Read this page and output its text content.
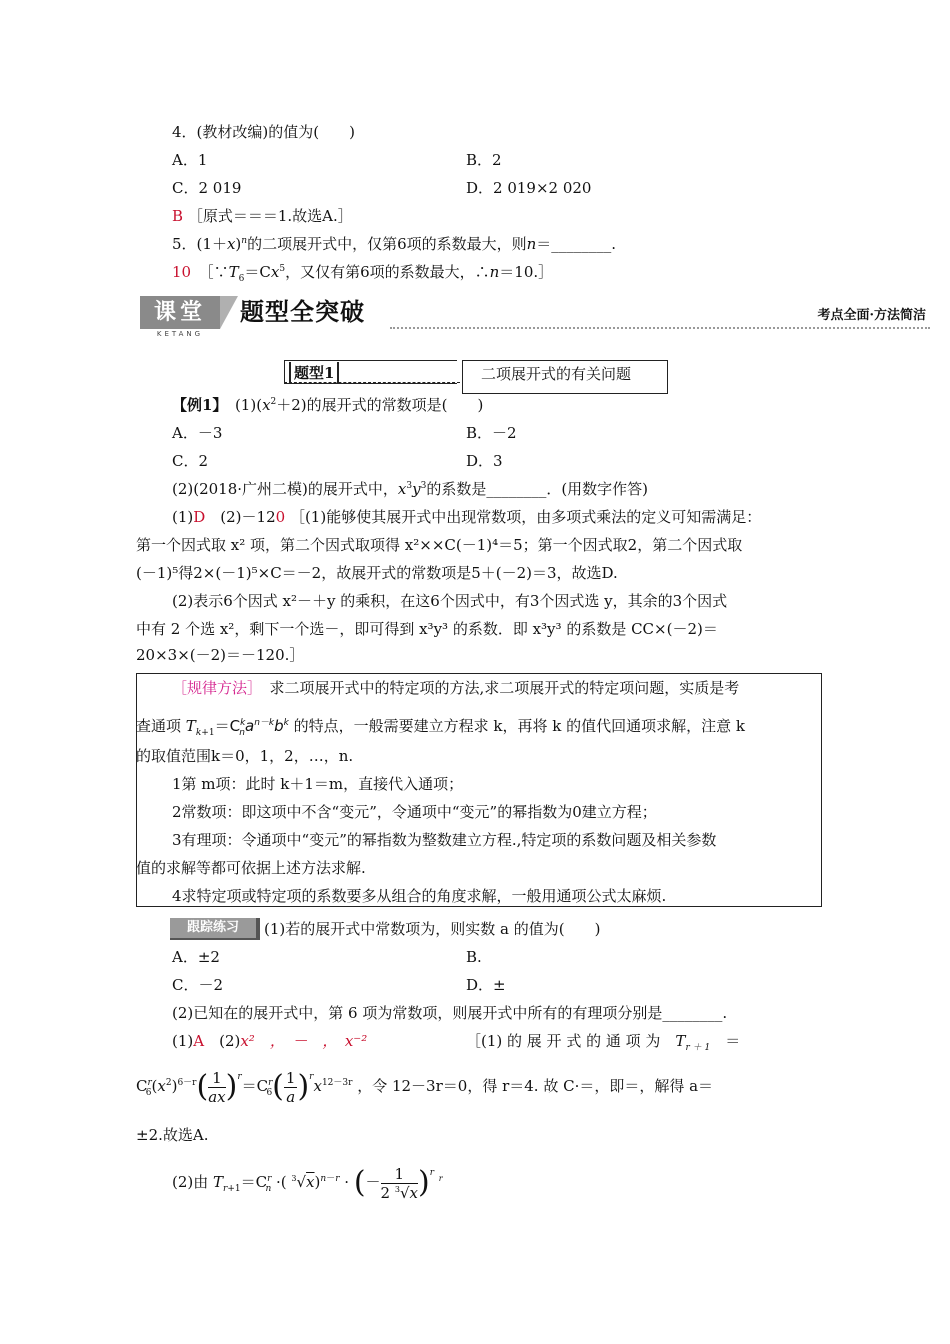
4．(教材改编)的值为(　　)
A．1	B．2
C．2 019	D．2 019×2 020
B ［原式＝＝＝1.故选A.］
5．$(1+x)^n$的二项展开式中，仅第6项的系数最大，则n＝________.
10　 $[\because T_6=Cx^5$，又仅有第6项的系数最大，∴n＝10.］
课堂
KETANG
题型全突破	考点全面·方法简洁
题型1	二项展开式的有关问题
【例1】　 $(1)(x^2+2)$的展开式的常数项是(　　)
A．－3	B．－2
C．2	D．3
(2)(2018·广州二模)的展开式中，$x^3y^3$的系数是________．(用数字作答)
(1)D　(2)－120 ［(1)能够使其展开式中出现常数项，由多项式乘法的定义可知需满足：
第一个因式取 x² 项，第二个因式取项得 x²××C(－1)⁴＝5；第一个因式取2，第二个因式取
(－1)⁵得2×(－1)⁵×C＝－2，故展开式的常数项是5＋(－2)＝3，故选D.
(2)表示6个因式 x²－＋y 的乘积，在这6个因式中，有3个因式选 y，其余的3个因式
中有 2 个选 x²，剩下一个选－，即可得到 x³y³ 的系数．即 x³y³ 的系数是 CC×(－2)＝
20×3×(－2)＝－120.］
［规律方法］　 求二项展开式中的特定项的方法,求二项展开式的特定项问题，实质是考
查通项 $T_{k+1}=C^k_na^{n-k}b^k$ 的特点，一般需要建立方程求 k，再将 k 的值代回通项求解，注意 k
的取值范围k＝0，1，2，…，n.
1第 m项：此时 k＋1＝m，直接代入通项；
2常数项：即这项中不含“变元”，令通项中“变元”的幂指数为0建立方程；
3有理项：令通项中“变元”的幂指数为整数建立方程.,特定项的系数问题及相关参数
值的求解等都可依据上述方法求解.
4求特定项或特定项的系数要多从组合的角度求解，一般用通项公式太麻烦.
跟踪练习	(1)若的展开式中常数项为，则实数 a 的值为(　　)
A．±2	B.
C．－2	D．±
(2)已知在的展开式中，第 6 项为常数项，则展开式中所有的有理项分别是________.
(1)A　(2)x²　，　－　，　x⁻²	［(1) 的 展 开 式 的 通 项 为　 $T_{r + 1}$　 ＝
$C^r_6(x^2)^{6-r}( \frac{1}{ax} )^r=C^r_6( \frac{1}{a} )^rx^{12-3r}$ ，令 12－3r＝0，得 r＝4. 故 C·＝，即＝，解得 a＝
±2.故选A.
(2)由 $T_{r+1}=C^r_n$ ·( $^3$√x)$^{n-r}$ · (－ $\frac{1}{2 ^3√x} )^r$ $^r$
